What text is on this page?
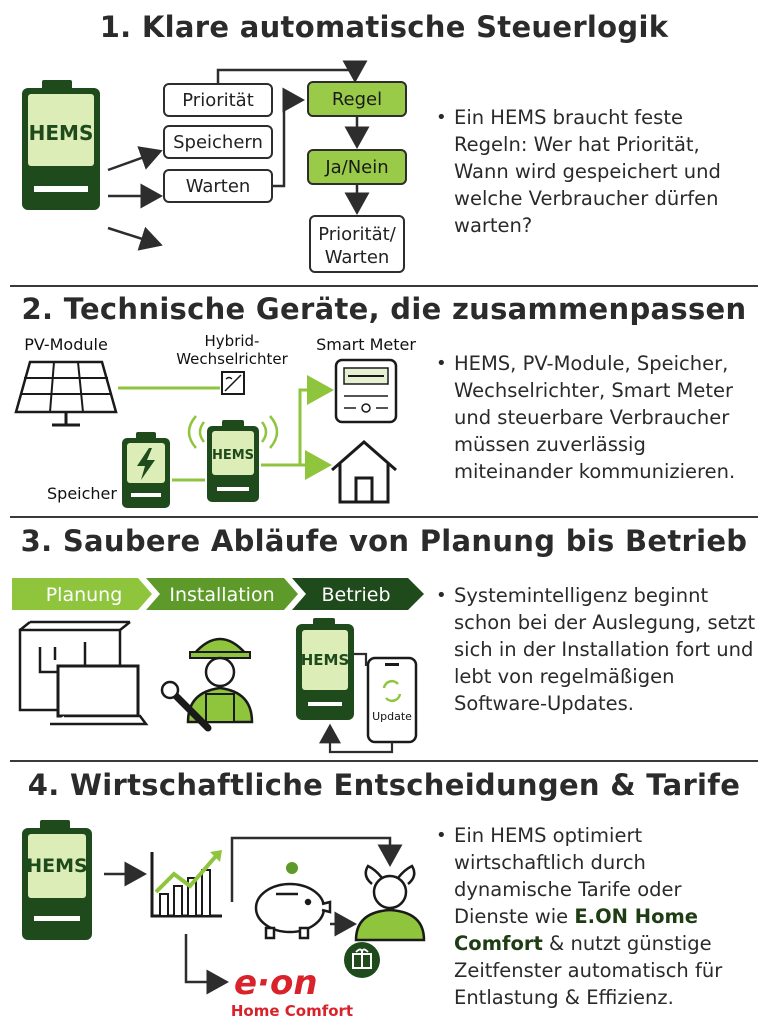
1. Klare automatische Steuerlogik
HEMS
Priorität
Speichern
Warten
Regel
Ja/Nein
Priorität/
Warten
• Ein HEMS braucht feste Regeln: Wer hat Priorität, Wann wird gespeichert und welche Verbraucher dürfen warten?
2. Technische Geräte, die zusammenpassen
PV-Module	Hybrid-
Wechselrichter
Smart Meter
HEMS
Speicher
• HEMS, PV-Module, Speicher, Wechselrichter, Smart Meter und steuerbare Verbraucher müssen zuverlässig miteinander kommunizieren.
3. Saubere Abläufe von Planung bis Betrieb
Planung Installation Betrieb
HEMS
Update
• Systemintelligenz beginnt schon bei der Auslegung, setzt sich in der Installation fort und lebt von regelmäßigen Software-Updates.
4. Wirtschaftliche Entscheidungen & Tarife
HEMS
e·on
Home Comfort
• Ein HEMS optimiert wirtschaftlich durch dynamische Tarife oder Dienste wie E.ON Home Comfort & nutzt günstige Zeitfenster automatisch für Entlastung & Effizienz.
